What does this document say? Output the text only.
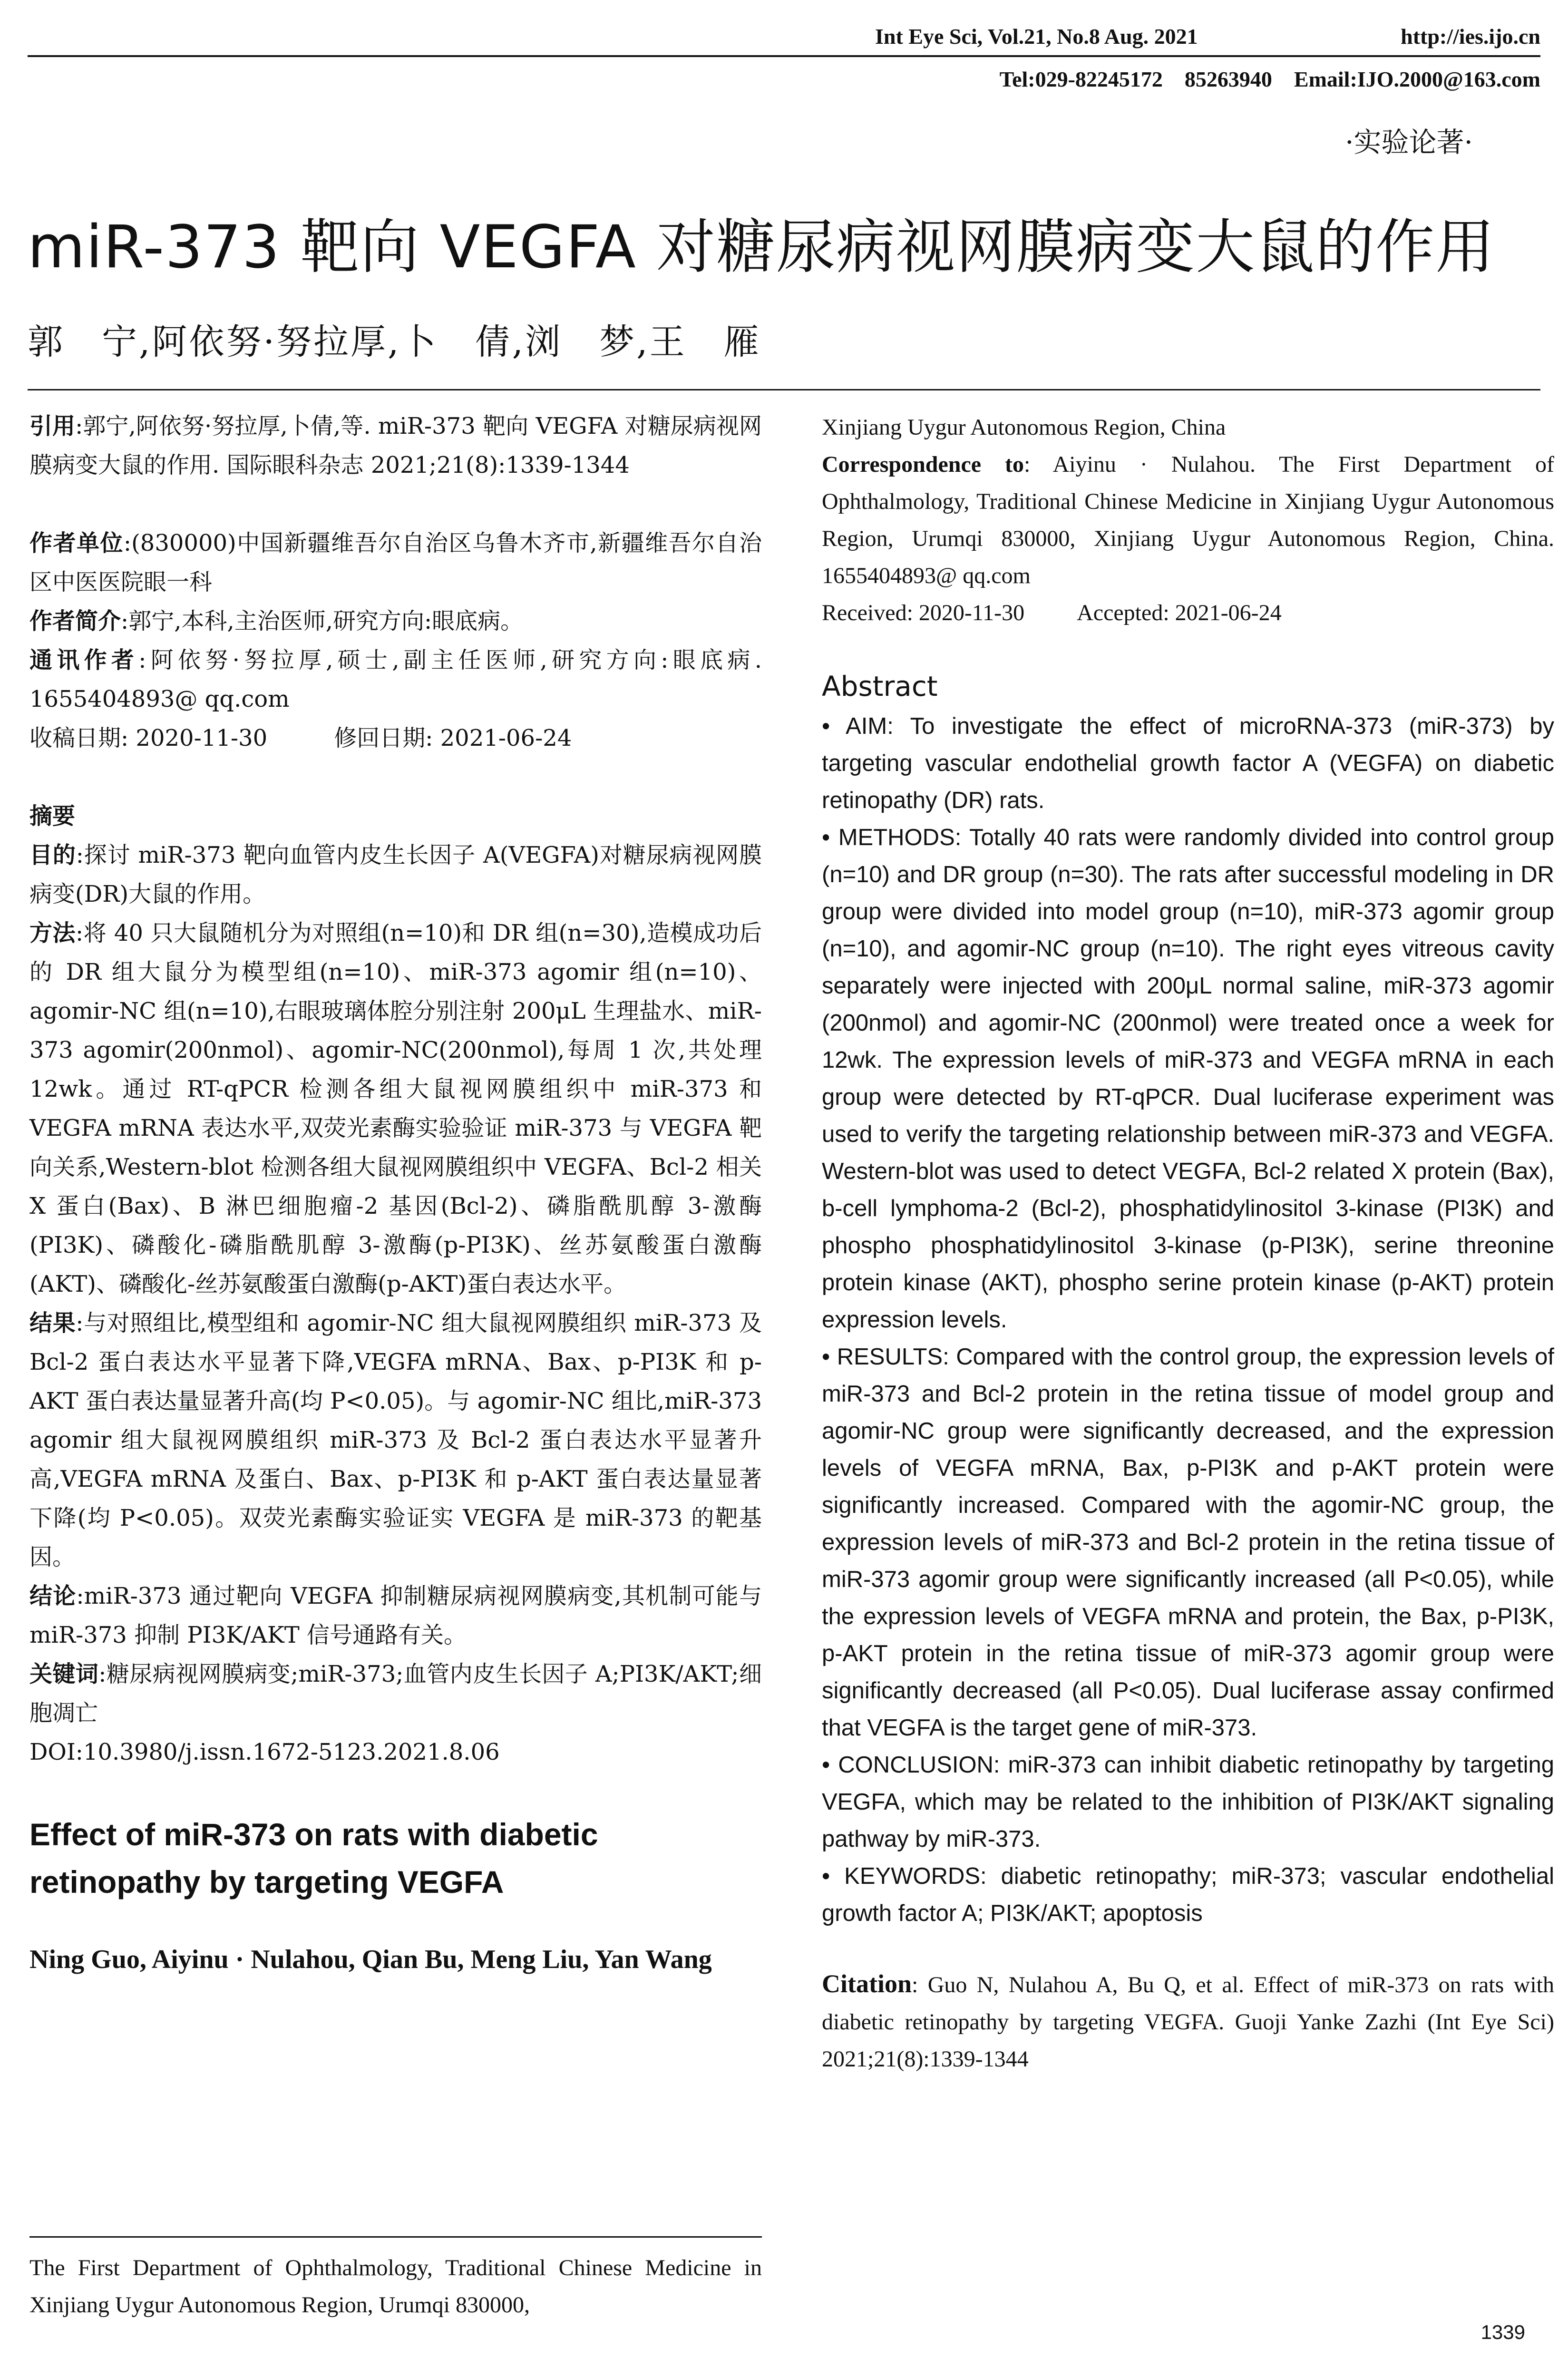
Int Eye Sci, Vol.21, No.8 Aug. 2021	http://ies.ijo.cn
Tel:029-82245172    85263940    Email:IJO.2000@163.com
·实验论著·
miR-373 靶向 VEGFA 对糖尿病视网膜病变大鼠的作用
郭　宁,阿依努·努拉厚,卜　倩,浏　梦,王　雁
引用:郭宁,阿依努·努拉厚,卜倩,等. miR-373 靶向 VEGFA 对糖尿病视网膜病变大鼠的作用. 国际眼科杂志 2021;21(8):1339-1344
作者单位:(830000)中国新疆维吾尔自治区乌鲁木齐市,新疆维吾尔自治区中医医院眼一科
作者简介:郭宁,本科,主治医师,研究方向:眼底病。
通讯作者:阿依努·努拉厚,硕士,副主任医师,研究方向:眼底病. 1655404893@ qq.com
收稿日期: 2020-11-30	修回日期: 2021-06-24
摘要
目的:探讨 miR-373 靶向血管内皮生长因子 A(VEGFA)对糖尿病视网膜病变(DR)大鼠的作用。
方法:将 40 只大鼠随机分为对照组(n=10)和 DR 组(n=30),造模成功后的 DR 组大鼠分为模型组(n=10)、miR-373 agomir 组(n=10)、agomir-NC 组(n=10),右眼玻璃体腔分别注射 200μL 生理盐水、miR-373 agomir(200nmol)、agomir-NC(200nmol),每周 1 次,共处理 12wk。通过 RT-qPCR 检测各组大鼠视网膜组织中 miR-373 和 VEGFA mRNA 表达水平,双荧光素酶实验验证 miR-373 与 VEGFA 靶向关系,Western-blot 检测各组大鼠视网膜组织中 VEGFA、Bcl-2 相关 X 蛋白(Bax)、B 淋巴细胞瘤-2 基因(Bcl-2)、磷脂酰肌醇 3-激酶(PI3K)、磷酸化-磷脂酰肌醇 3-激酶(p-PI3K)、丝苏氨酸蛋白激酶(AKT)、磷酸化-丝苏氨酸蛋白激酶(p-AKT)蛋白表达水平。
结果:与对照组比,模型组和 agomir-NC 组大鼠视网膜组织 miR-373 及 Bcl-2 蛋白表达水平显著下降,VEGFA mRNA、Bax、p-PI3K 和 p-AKT 蛋白表达量显著升高(均 P<0.05)。与 agomir-NC 组比,miR-373 agomir 组大鼠视网膜组织 miR-373 及 Bcl-2 蛋白表达水平显著升高,VEGFA mRNA 及蛋白、Bax、p-PI3K 和 p-AKT 蛋白表达量显著下降(均 P<0.05)。双荧光素酶实验证实 VEGFA 是 miR-373 的靶基因。
结论:miR-373 通过靶向 VEGFA 抑制糖尿病视网膜病变,其机制可能与 miR-373 抑制 PI3K/AKT 信号通路有关。
关键词:糖尿病视网膜病变;miR-373;血管内皮生长因子 A;PI3K/AKT;细胞凋亡
DOI:10.3980/j.issn.1672-5123.2021.8.06
Effect of miR-373 on rats with diabetic retinopathy by targeting VEGFA
Ning Guo, Aiyinu · Nulahou, Qian Bu, Meng Liu, Yan Wang
The First Department of Ophthalmology, Traditional Chinese Medicine in Xinjiang Uygur Autonomous Region, Urumqi 830000,
Xinjiang Uygur Autonomous Region, China
Correspondence to: Aiyinu · Nulahou. The First Department of Ophthalmology, Traditional Chinese Medicine in Xinjiang Uygur Autonomous Region, Urumqi 830000, Xinjiang Uygur Autonomous Region, China. 1655404893@ qq.com
Received: 2020-11-30 Accepted: 2021-06-24
Abstract
• AIM: To investigate the effect of microRNA-373 (miR-373) by targeting vascular endothelial growth factor A (VEGFA) on diabetic retinopathy (DR) rats.
• METHODS: Totally 40 rats were randomly divided into control group (n=10) and DR group (n=30). The rats after successful modeling in DR group were divided into model group (n=10), miR-373 agomir group (n=10), and agomir-NC group (n=10). The right eyes vitreous cavity separately were injected with 200μL normal saline, miR-373 agomir (200nmol) and agomir-NC (200nmol) were treated once a week for 12wk. The expression levels of miR-373 and VEGFA mRNA in each group were detected by RT-qPCR. Dual luciferase experiment was used to verify the targeting relationship between miR-373 and VEGFA. Western-blot was used to detect VEGFA, Bcl-2 related X protein (Bax), b-cell lymphoma-2 (Bcl-2), phosphatidylinositol 3-kinase (PI3K) and phospho phosphatidylinositol 3-kinase (p-PI3K), serine threonine protein kinase (AKT), phospho serine protein kinase (p-AKT) protein expression levels.
• RESULTS: Compared with the control group, the expression levels of miR-373 and Bcl-2 protein in the retina tissue of model group and agomir-NC group were significantly decreased, and the expression levels of VEGFA mRNA, Bax, p-PI3K and p-AKT protein were significantly increased. Compared with the agomir-NC group, the expression levels of miR-373 and Bcl-2 protein in the retina tissue of miR-373 agomir group were significantly increased (all P<0.05), while the expression levels of VEGFA mRNA and protein, the Bax, p-PI3K, p-AKT protein in the retina tissue of miR-373 agomir group were significantly decreased (all P<0.05). Dual luciferase assay confirmed that VEGFA is the target gene of miR-373.
• CONCLUSION: miR-373 can inhibit diabetic retinopathy by targeting VEGFA, which may be related to the inhibition of PI3K/AKT signaling pathway by miR-373.
• KEYWORDS: diabetic retinopathy; miR-373; vascular endothelial growth factor A; PI3K/AKT; apoptosis
Citation: Guo N, Nulahou A, Bu Q, et al. Effect of miR-373 on rats with diabetic retinopathy by targeting VEGFA. Guoji Yanke Zazhi (Int Eye Sci) 2021;21(8):1339-1344
1339
